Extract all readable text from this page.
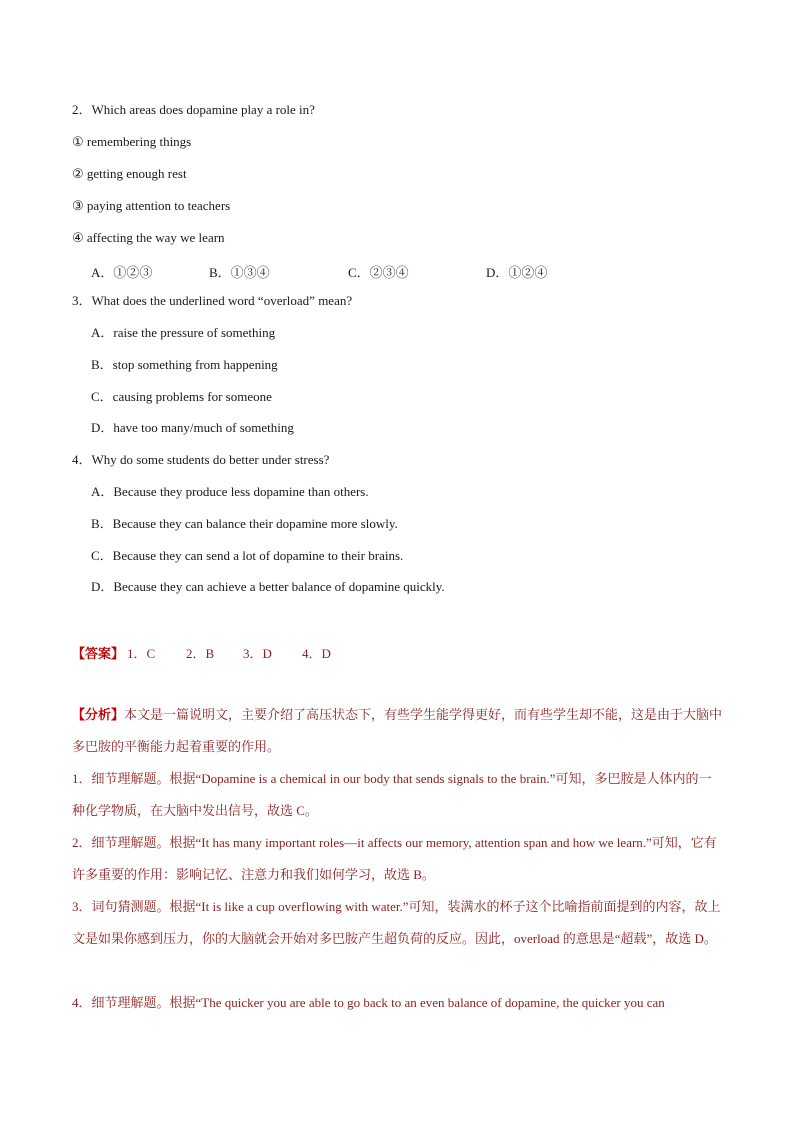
2．Which areas does dopamine play a role in?
① remembering things
② getting enough rest
③ paying attention to teachers
④ affecting the way we learn
A．①②③	B．①③④	C．②③④	D．①②④
3．What does the underlined word “overload” mean?
A．raise the pressure of something
B．stop something from happening
C．causing problems for someone
D．have too many/much of something
4．Why do some students do better under stress?
A．Because they produce less dopamine than others.
B．Because they can balance their dopamine more slowly.
C．Because they can send a lot of dopamine to their brains.
D．Because they can achieve a better balance of dopamine quickly.
【答案】 1．C 2．B 3．D 4．D
【分析】本文是一篇说明文，主要介绍了高压状态下，有些学生能学得更好，而有些学生却不能，这是由于大脑中多巴胺的平衡能力起着重要的作用。
1．细节理解题。根据“Dopamine is a chemical in our body that sends signals to the brain.”可知，多巴胺是人体内的一种化学物质，在大脑中发出信号，故选 C。
2．细节理解题。根据“It has many important roles—it affects our memory, attention span and how we learn.”可知，它有许多重要的作用：影响记忆、注意力和我们如何学习，故选 B。
3．词句猜测题。根据“It is like a cup overflowing with water.”可知，装满水的杯子这个比喻指前面提到的内容，故上文是如果你感到压力，你的大脑就会开始对多巴胺产生超负荷的反应。因此，overload 的意思是“超载”，故选 D。
4．细节理解题。根据“The quicker you are able to go back to an even balance of dopamine, the quicker you can
